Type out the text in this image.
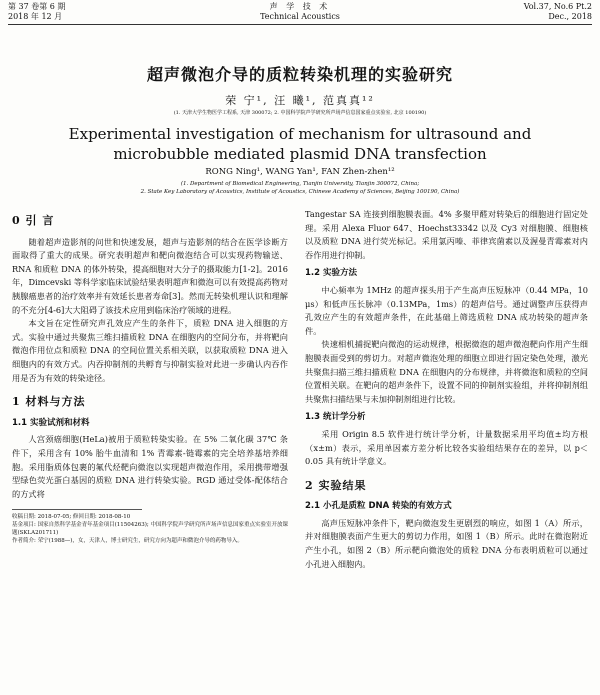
第 37 卷第 6 期
2018 年 12 月
声 学 技 术
Technical Acoustics
Vol.37, No.6 Pt.2
Dec., 2018
超声微泡介导的质粒转染机理的实验研究
荣 宁¹, 汪 曦¹, 范真真¹²
(1. 天津大学生物医学工程系, 天津 300072; 2. 中国科学院声学研究所声场声信息国家重点实验室, 北京 100190)
Experimental investigation of mechanism for ultrasound and
microbubble mediated plasmid DNA transfection
RONG Ning¹, WANG Yan¹, FAN Zhen-zhen¹²
(1. Department of Biomedical Engineering, Tianjin University, Tianjin 300072, China;
2. State Key Laboratory of Acoustics, Institute of Acoustics, Chinese Academy of Sciences, Beijing 100190, China)
0 引 言

随着超声造影剂的问世和快速发展，超声与造影剂的结合在医学诊断方面取得了重大的成果。研究表明超声和靶向微泡结合可以实现药物输送、RNA 和质粒 DNA 的体外转染，提高细胞对大分子的摄取能力[1-2]。2016 年，Dimcevski 等科学家临床试验结果表明超声和微泡可以有效提高药物对胰腺癌患者的治疗效率并有效延长患者寿命[3]。然而无转染机理认识和理解的不充分[4-6]大大阻碍了该技术应用到临床治疗领域的进程。

本文旨在定性研究声孔效应产生的条件下，质粒 DNA 进入细胞的方式。实验中通过共聚焦三维扫描质粒 DNA 在细胞内的空间分布，并将靶向微泡作用位点和质粒 DNA 的空间位置关系相关联，以获取质粒 DNA 进入细胞内的有效方式。内吞抑制剂的共孵育与抑制实验对此进一步确认内吞作用是否为有效的转染途径。

1 材料与方法
1.1 实验试剂和材料

人宫颈癌细胞(HeLa)被用于质粒转染实验。在 5% 二氧化碳 37℃ 条件下，采用含有 10% 胎牛血清和 1% 青霉素-链霉素的完全培养基培养细胞。采用脂质体包裹的氟代烃靶向微泡以实现超声微泡作用，采用携带增强型绿色荧光蛋白基因的质粒 DNA 进行转染实验。RGD 通过受体-配体结合的方式将

收稿日期: 2018-07-05; 修回日期: 2018-08-10
基金项目: 国家自然科学基金青年基金项目(11504263); 中国科学院声学研究所声场声信息国家重点实验室开放课题(SKLA201711)
作者简介: 荣宁(1988—)，女，天津人，博士研究生，研究方向为超声和微泡介导的药物导入。

Tangestar SA 连接到细胞膜表面。4% 多聚甲醛对转染后的细胞进行固定处理。采用 Alexa Fluor 647、Hoechst33342 以及 Cy3 对细胞膜、细胞核以及质粒 DNA 进行荧光标记。采用氯丙嗪、菲律宾菌素以及渥曼青霉素对内吞作用进行抑制。

1.2 实验方法

中心频率为 1MHz 的超声探头用于产生高声压短脉冲（0.44 MPa，10 μs）和低声压长脉冲（0.13MPa，1ms）的超声信号。通过调整声压获得声孔效应产生的有效超声条件，在此基础上筛选质粒 DNA 成功转染的超声条件。

快速相机捕捉靶向微泡的运动规律，根据微泡的超声微泡靶向作用产生细胞膜表面受到的剪切力。对超声微泡处理的细胞立即进行固定染色处理，激光共聚焦扫描三维扫描质粒 DNA 在细胞内的分布规律，并将微泡和质粒的空间位置相关联。在靶向的超声条件下，设置不同的抑制剂实验组，并将抑制剂组共聚焦扫描结果与未加抑制剂组进行比较。

1.3 统计学分析

采用 Origin 8.5 软件进行统计学分析，计量数据采用平均值±均方根（x±m）表示，采用单因素方差分析比较各实验组结果存在的差异，以 p＜0.05 具有统计学意义。

2 实验结果
2.1 小孔是质粒 DNA 转染的有效方式

高声压短脉冲条件下，靶向微泡发生更剧烈的响应，如图 1（A）所示，并对细胞膜表面产生更大的剪切力作用，如图 1（B）所示。此时在微泡附近产生小孔，如图 2（B）所示靶向微泡处的质粒 DNA 分布表明质粒可以通过小孔进入细胞内。
